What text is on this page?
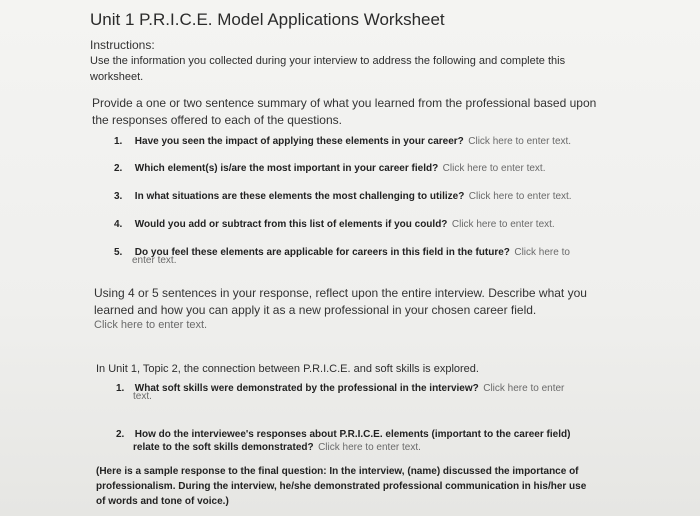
Unit 1 P.R.I.C.E. Model Applications Worksheet
Instructions:
Use the information you collected during your interview to address the following and complete this
worksheet.
Provide a one or two sentence summary of what you learned from the professional based upon
the responses offered to each of the questions.
1. Have you seen the impact of applying these elements in your career? Click here to enter text.
2. Which element(s) is/are the most important in your career field? Click here to enter text.
3. In what situations are these elements the most challenging to utilize? Click here to enter text.
4. Would you add or subtract from this list of elements if you could? Click here to enter text.
5. Do you feel these elements are applicable for careers in this field in the future? Click here to
enter text.
Using 4 or 5 sentences in your response, reflect upon the entire interview. Describe what you
learned and how you can apply it as a new professional in your chosen career field.
Click here to enter text.
In Unit 1, Topic 2, the connection between P.R.I.C.E. and soft skills is explored.
1. What soft skills were demonstrated by the professional in the interview? Click here to enter
text.
2. How do the interviewee's responses about P.R.I.C.E. elements (important to the career field)
relate to the soft skills demonstrated? Click here to enter text.
(Here is a sample response to the final question: In the interview, (name) discussed the importance of
professionalism. During the interview, he/she demonstrated professional communication in his/her use
of words and tone of voice.)
